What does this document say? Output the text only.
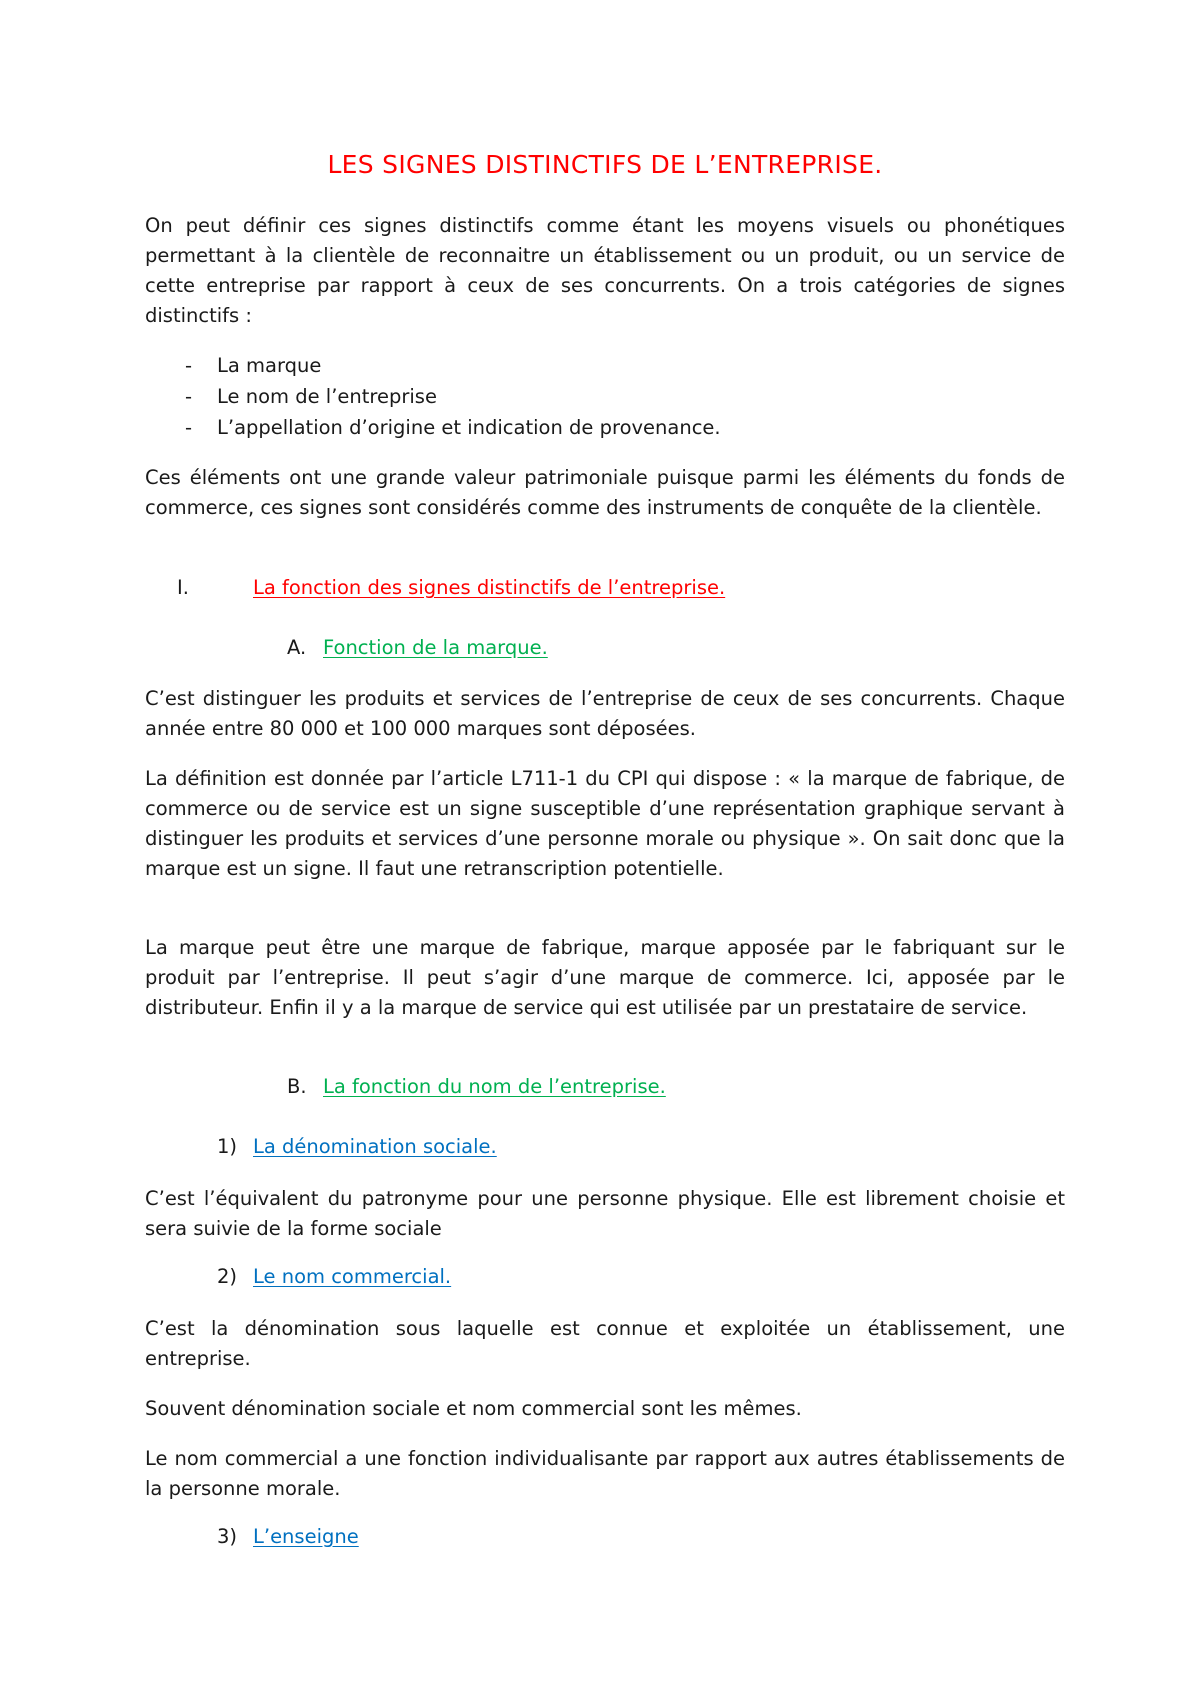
LES SIGNES DISTINCTIFS DE L’ENTREPRISE.

On peut définir ces signes distinctifs comme étant les moyens visuels ou phonétiques permettant à la clientèle de reconnaitre un établissement ou un produit, ou un service de cette entreprise par rapport à ceux de ses concurrents. On a trois catégories de signes distinctifs :

- La marque
- Le nom de l’entreprise
- L’appellation d’origine et indication de provenance.

Ces éléments ont une grande valeur patrimoniale puisque parmi les éléments du fonds de commerce, ces signes sont considérés comme des instruments de conquête de la clientèle.

I.	La fonction des signes distinctifs de l’entreprise.
A. Fonction de la marque.

C’est distinguer les produits et services de l’entreprise de ceux de ses concurrents. Chaque année entre 80 000 et 100 000 marques sont déposées.

La définition est donnée par l’article L711-1 du CPI qui dispose : « la marque de fabrique, de commerce ou de service est un signe susceptible d’une représentation graphique servant à distinguer les produits et services d’une personne morale ou physique ». On sait donc que la marque est un signe. Il faut une retranscription potentielle.

La marque peut être une marque de fabrique, marque apposée par le fabriquant sur le produit par l’entreprise. Il peut s’agir d’une marque de commerce. Ici, apposée par le distributeur. Enfin il y a la marque de service qui est utilisée par un prestataire de service.

B. La fonction du nom de l’entreprise.
1) La dénomination sociale.

C’est l’équivalent du patronyme pour une personne physique. Elle est librement choisie et sera suivie de la forme sociale

2) Le nom commercial.

C’est la dénomination sous laquelle est connue et exploitée un établissement, une entreprise.

Souvent dénomination sociale et nom commercial sont les mêmes.

Le nom commercial a une fonction individualisante par rapport aux autres établissements de la personne morale.

3) L’enseigne
